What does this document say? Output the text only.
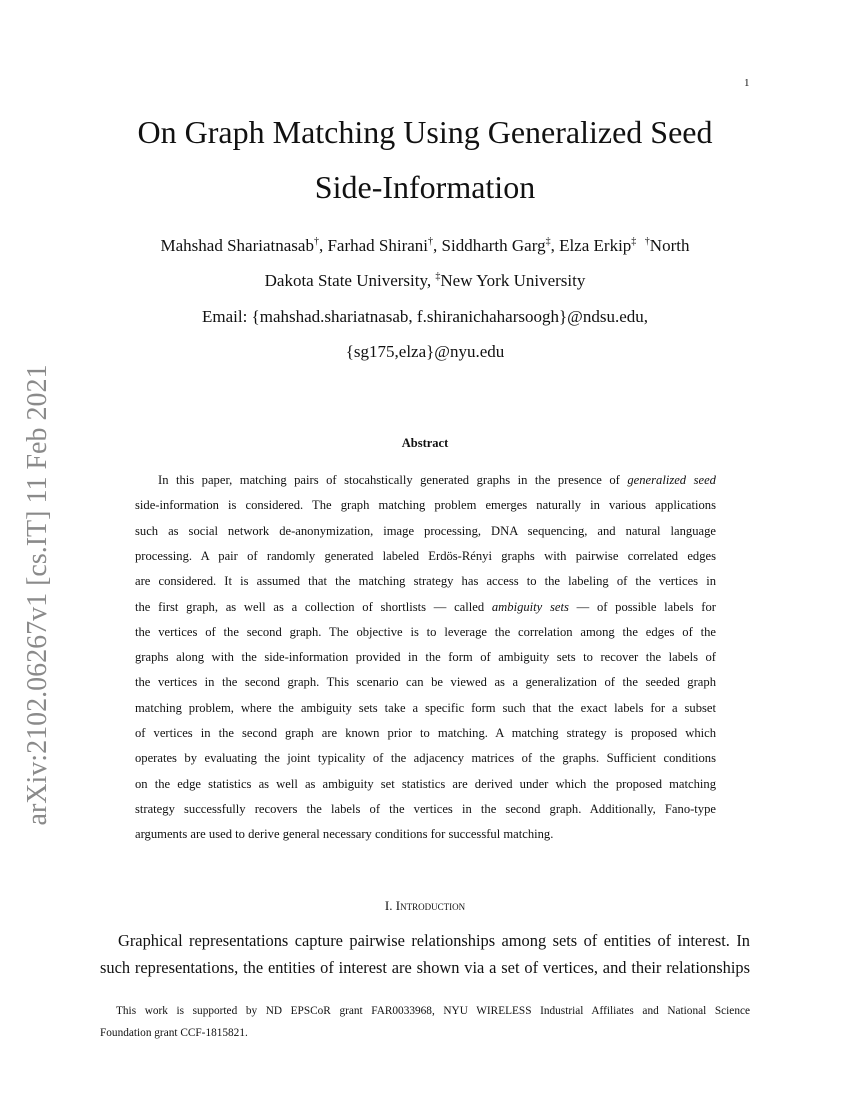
1
arXiv:2102.06267v1 [cs.IT] 11 Feb 2021
On Graph Matching Using Generalized Seed
Side-Information
Mahshad Shariatnasab†, Farhad Shirani†, Siddharth Garg‡, Elza Erkip‡ †North
Dakota State University, ‡New York University
Email: {mahshad.shariatnasab, f.shiranichaharsoogh}@ndsu.edu,
{sg175,elza}@nyu.edu
Abstract
In this paper, matching pairs of stocahstically generated graphs in the presence of generalized seed
side-information is considered. The graph matching problem emerges naturally in various applications
such as social network de-anonymization, image processing, DNA sequencing, and natural language
processing. A pair of randomly generated labeled Erdös-Rényi graphs with pairwise correlated edges
are considered. It is assumed that the matching strategy has access to the labeling of the vertices in
the first graph, as well as a collection of shortlists — called ambiguity sets — of possible labels for
the vertices of the second graph. The objective is to leverage the correlation among the edges of the
graphs along with the side-information provided in the form of ambiguity sets to recover the labels of
the vertices in the second graph. This scenario can be viewed as a generalization of the seeded graph
matching problem, where the ambiguity sets take a specific form such that the exact labels for a subset
of vertices in the second graph are known prior to matching. A matching strategy is proposed which
operates by evaluating the joint typicality of the adjacency matrices of the graphs. Sufficient conditions
on the edge statistics as well as ambiguity set statistics are derived under which the proposed matching
strategy successfully recovers the labels of the vertices in the second graph. Additionally, Fano-type
arguments are used to derive general necessary conditions for successful matching.
I. Introduction
Graphical representations capture pairwise relationships among sets of entities of interest. In
such representations, the entities of interest are shown via a set of vertices, and their relationships
This work is supported by ND EPSCoR grant FAR0033968, NYU WIRELESS Industrial Affiliates and National Science
Foundation grant CCF-1815821.
